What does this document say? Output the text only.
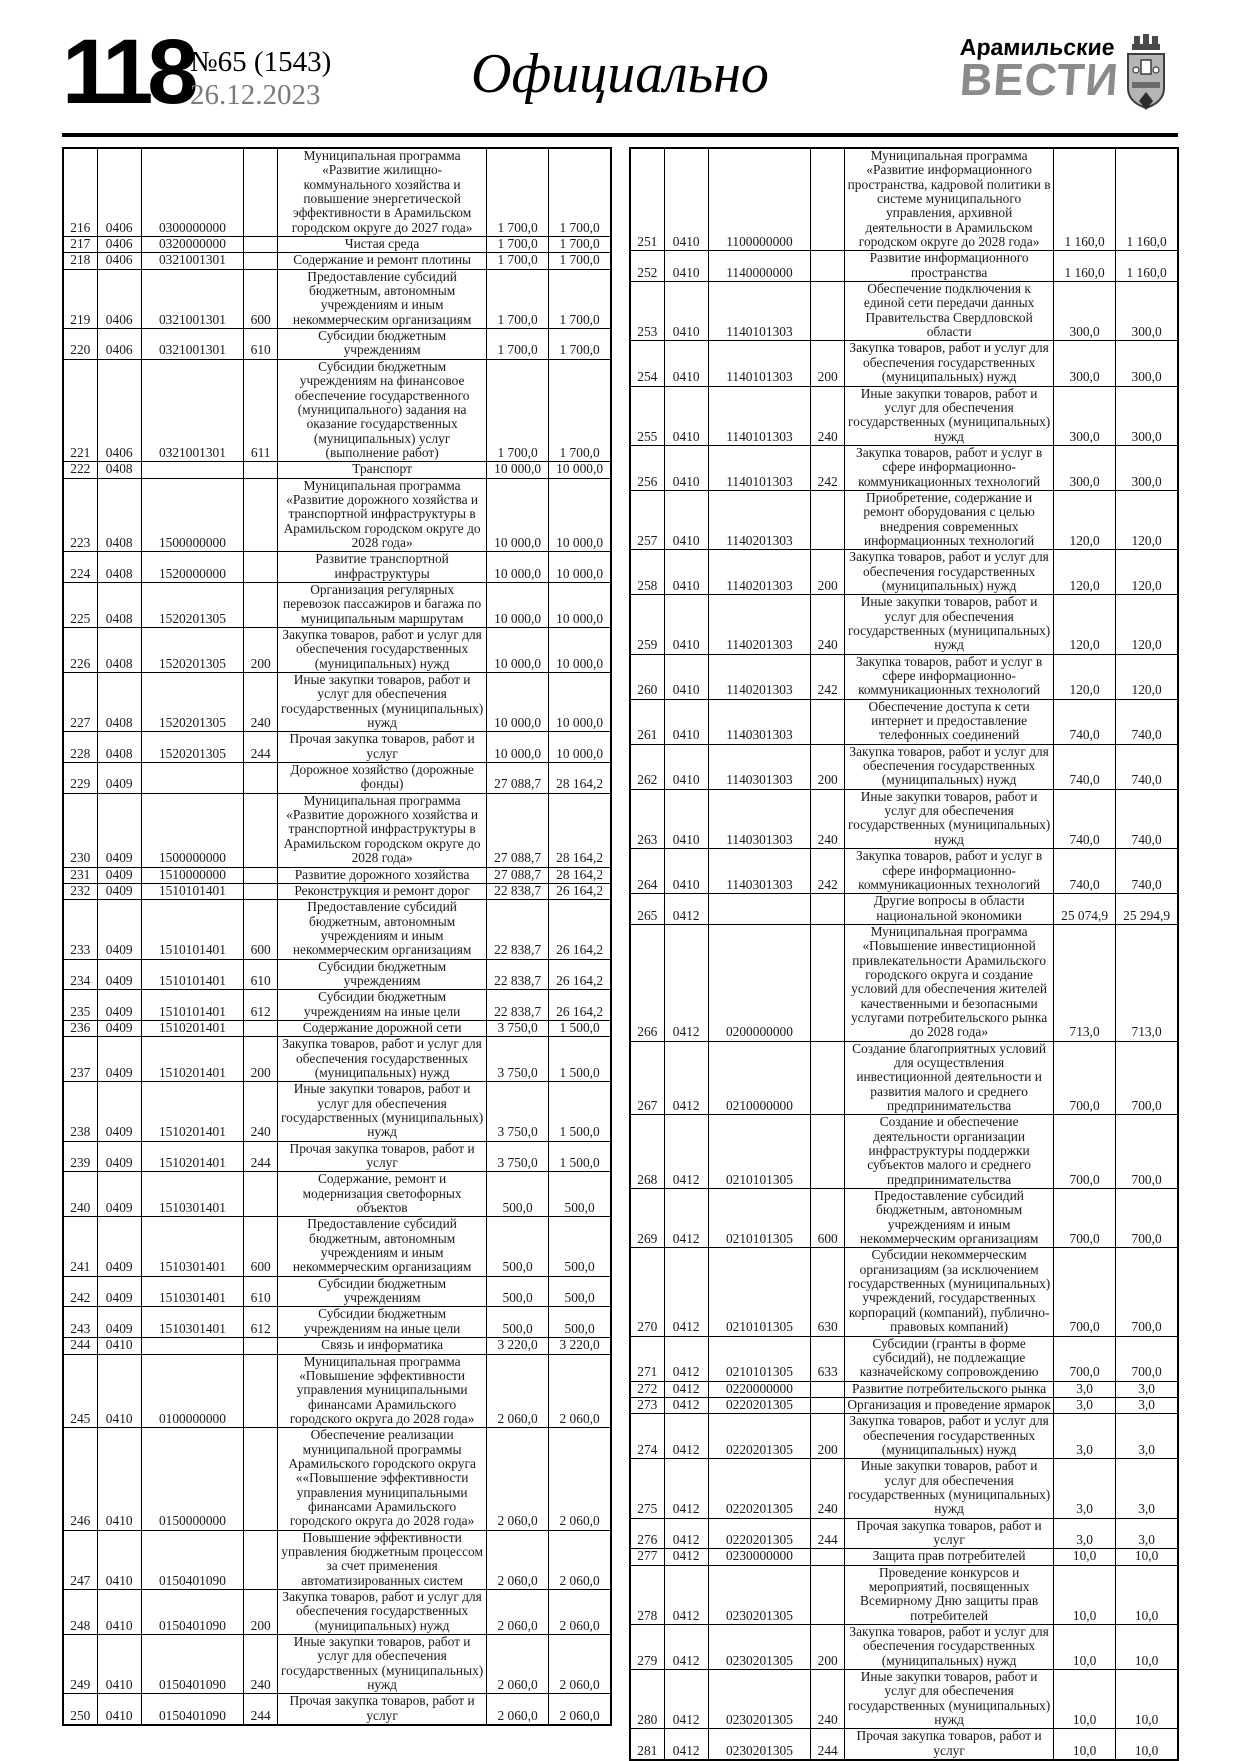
118
№65 (1543)
26.12.2023	Официально	Арамильские
ВЕСТИ
216	0406	0300000000		Муниципальная программа «Развитие жилищно-коммунального хозяйства и повышение энергетической эффективности в Арамильском городском округе до 2027 года»	1 700,0	1 700,0
217	0406	0320000000		Чистая среда	1 700,0	1 700,0
218	0406	0321001301		Содержание и ремонт плотины	1 700,0	1 700,0
219	0406	0321001301	600	Предоставление субсидий бюджетным, автономным учреждениям и иным некоммерческим организациям	1 700,0	1 700,0
220	0406	0321001301	610	Субсидии бюджетным учреждениям	1 700,0	1 700,0
221	0406	0321001301	611	Субсидии бюджетным учреждениям на финансовое обеспечение государственного (муниципального) задания на оказание государственных (муниципальных) услуг (выполнение работ)	1 700,0	1 700,0
222	0408			Транспорт	10 000,0	10 000,0
223	0408	1500000000		Муниципальная программа «Развитие дорожного хозяйства и транспортной инфраструктуры в Арамильском городском округе до 2028 года»	10 000,0	10 000,0
224	0408	1520000000		Развитие транспортной инфраструктуры	10 000,0	10 000,0
225	0408	1520201305		Организация регулярных перевозок пассажиров и багажа по муниципальным маршрутам	10 000,0	10 000,0
226	0408	1520201305	200	Закупка товаров, работ и услуг для обеспечения государственных (муниципальных) нужд	10 000,0	10 000,0
227	0408	1520201305	240	Иные закупки товаров, работ и услуг для обеспечения государственных (муниципальных) нужд	10 000,0	10 000,0
228	0408	1520201305	244	Прочая закупка товаров, работ и услуг	10 000,0	10 000,0
229	0409			Дорожное хозяйство (дорожные фонды)	27 088,7	28 164,2
230	0409	1500000000		Муниципальная программа «Развитие дорожного хозяйства и транспортной инфраструктуры в Арамильском городском округе до 2028 года»	27 088,7	28 164,2
231	0409	1510000000		Развитие дорожного хозяйства	27 088,7	28 164,2
232	0409	1510101401		Реконструкция и ремонт дорог	22 838,7	26 164,2
233	0409	1510101401	600	Предоставление субсидий бюджетным, автономным учреждениям и иным некоммерческим организациям	22 838,7	26 164,2
234	0409	1510101401	610	Субсидии бюджетным учреждениям	22 838,7	26 164,2
235	0409	1510101401	612	Субсидии бюджетным учреждениям на иные цели	22 838,7	26 164,2
236	0409	1510201401		Содержание дорожной сети	3 750,0	1 500,0
237	0409	1510201401	200	Закупка товаров, работ и услуг для обеспечения государственных (муниципальных) нужд	3 750,0	1 500,0
238	0409	1510201401	240	Иные закупки товаров, работ и услуг для обеспечения государственных (муниципальных) нужд	3 750,0	1 500,0
239	0409	1510201401	244	Прочая закупка товаров, работ и услуг	3 750,0	1 500,0
240	0409	1510301401		Содержание, ремонт и модернизация светофорных объектов	500,0	500,0
241	0409	1510301401	600	Предоставление субсидий бюджетным, автономным учреждениям и иным некоммерческим организациям	500,0	500,0
242	0409	1510301401	610	Субсидии бюджетным учреждениям	500,0	500,0
243	0409	1510301401	612	Субсидии бюджетным учреждениям на иные цели	500,0	500,0
244	0410			Связь и информатика	3 220,0	3 220,0
245	0410	0100000000		Муниципальная программа «Повышение эффективности управления муниципальными финансами Арамильского городского округа до 2028 года»	2 060,0	2 060,0
246	0410	0150000000		Обеспечение реализации муниципальной программы Арамильского городского округа ««Повышение эффективности управления муниципальными финансами Арамильского городского округа до 2028 года»	2 060,0	2 060,0
247	0410	0150401090		Повышение эффективности управления бюджетным процессом за счет применения автоматизированных систем	2 060,0	2 060,0
248	0410	0150401090	200	Закупка товаров, работ и услуг для обеспечения государственных (муниципальных) нужд	2 060,0	2 060,0
249	0410	0150401090	240	Иные закупки товаров, работ и услуг для обеспечения государственных (муниципальных) нужд	2 060,0	2 060,0
250	0410	0150401090	244	Прочая закупка товаров, работ и услуг	2 060,0	2 060,0
251	0410	1100000000		Муниципальная программа «Развитие информационного пространства, кадровой политики в системе муниципального управления, архивной деятельности в Арамильском городском округе до 2028 года»	1 160,0	1 160,0
252	0410	1140000000		Развитие информационного пространства	1 160,0	1 160,0
253	0410	1140101303		Обеспечение подключения к единой сети передачи данных Правительства Свердловской области	300,0	300,0
254	0410	1140101303	200	Закупка товаров, работ и услуг для обеспечения государственных (муниципальных) нужд	300,0	300,0
255	0410	1140101303	240	Иные закупки товаров, работ и услуг для обеспечения государственных (муниципальных) нужд	300,0	300,0
256	0410	1140101303	242	Закупка товаров, работ и услуг в сфере информационно-коммуникационных технологий	300,0	300,0
257	0410	1140201303		Приобретение, содержание и ремонт оборудования с целью внедрения современных информационных технологий	120,0	120,0
258	0410	1140201303	200	Закупка товаров, работ и услуг для обеспечения государственных (муниципальных) нужд	120,0	120,0
259	0410	1140201303	240	Иные закупки товаров, работ и услуг для обеспечения государственных (муниципальных) нужд	120,0	120,0
260	0410	1140201303	242	Закупка товаров, работ и услуг в сфере информационно-коммуникационных технологий	120,0	120,0
261	0410	1140301303		Обеспечение доступа к сети интернет и предоставление телефонных соединений	740,0	740,0
262	0410	1140301303	200	Закупка товаров, работ и услуг для обеспечения государственных (муниципальных) нужд	740,0	740,0
263	0410	1140301303	240	Иные закупки товаров, работ и услуг для обеспечения государственных (муниципальных) нужд	740,0	740,0
264	0410	1140301303	242	Закупка товаров, работ и услуг в сфере информационно-коммуникационных технологий	740,0	740,0
265	0412			Другие вопросы в области национальной экономики	25 074,9	25 294,9
266	0412	0200000000		Муниципальная программа «Повышение инвестиционной привлекательности Арамильского городского округа и создание условий для обеспечения жителей качественными и безопасными услугами потребительского рынка до 2028 года»	713,0	713,0
267	0412	0210000000		Создание благоприятных условий для осуществления инвестиционной деятельности и развития малого и среднего предпринимательства	700,0	700,0
268	0412	0210101305		Создание и обеспечение деятельности организации инфраструктуры поддержки субъектов малого и среднего предпринимательства	700,0	700,0
269	0412	0210101305	600	Предоставление субсидий бюджетным, автономным учреждениям и иным некоммерческим организациям	700,0	700,0
270	0412	0210101305	630	Субсидии некоммерческим организациям (за исключением государственных (муниципальных) учреждений, государственных корпораций (компаний), публично-правовых компаний)	700,0	700,0
271	0412	0210101305	633	Субсидии (гранты в форме субсидий), не подлежащие казначейскому сопровождению	700,0	700,0
272	0412	0220000000		Развитие потребительского рынка	3,0	3,0
273	0412	0220201305		Организация и проведение ярмарок	3,0	3,0
274	0412	0220201305	200	Закупка товаров, работ и услуг для обеспечения государственных (муниципальных) нужд	3,0	3,0
275	0412	0220201305	240	Иные закупки товаров, работ и услуг для обеспечения государственных (муниципальных) нужд	3,0	3,0
276	0412	0220201305	244	Прочая закупка товаров, работ и услуг	3,0	3,0
277	0412	0230000000		Защита прав потребителей	10,0	10,0
278	0412	0230201305		Проведение конкурсов и мероприятий, посвященных Всемирному Дню защиты прав потребителей	10,0	10,0
279	0412	0230201305	200	Закупка товаров, работ и услуг для обеспечения государственных (муниципальных) нужд	10,0	10,0
280	0412	0230201305	240	Иные закупки товаров, работ и услуг для обеспечения государственных (муниципальных) нужд	10,0	10,0
281	0412	0230201305	244	Прочая закупка товаров, работ и услуг	10,0	10,0
